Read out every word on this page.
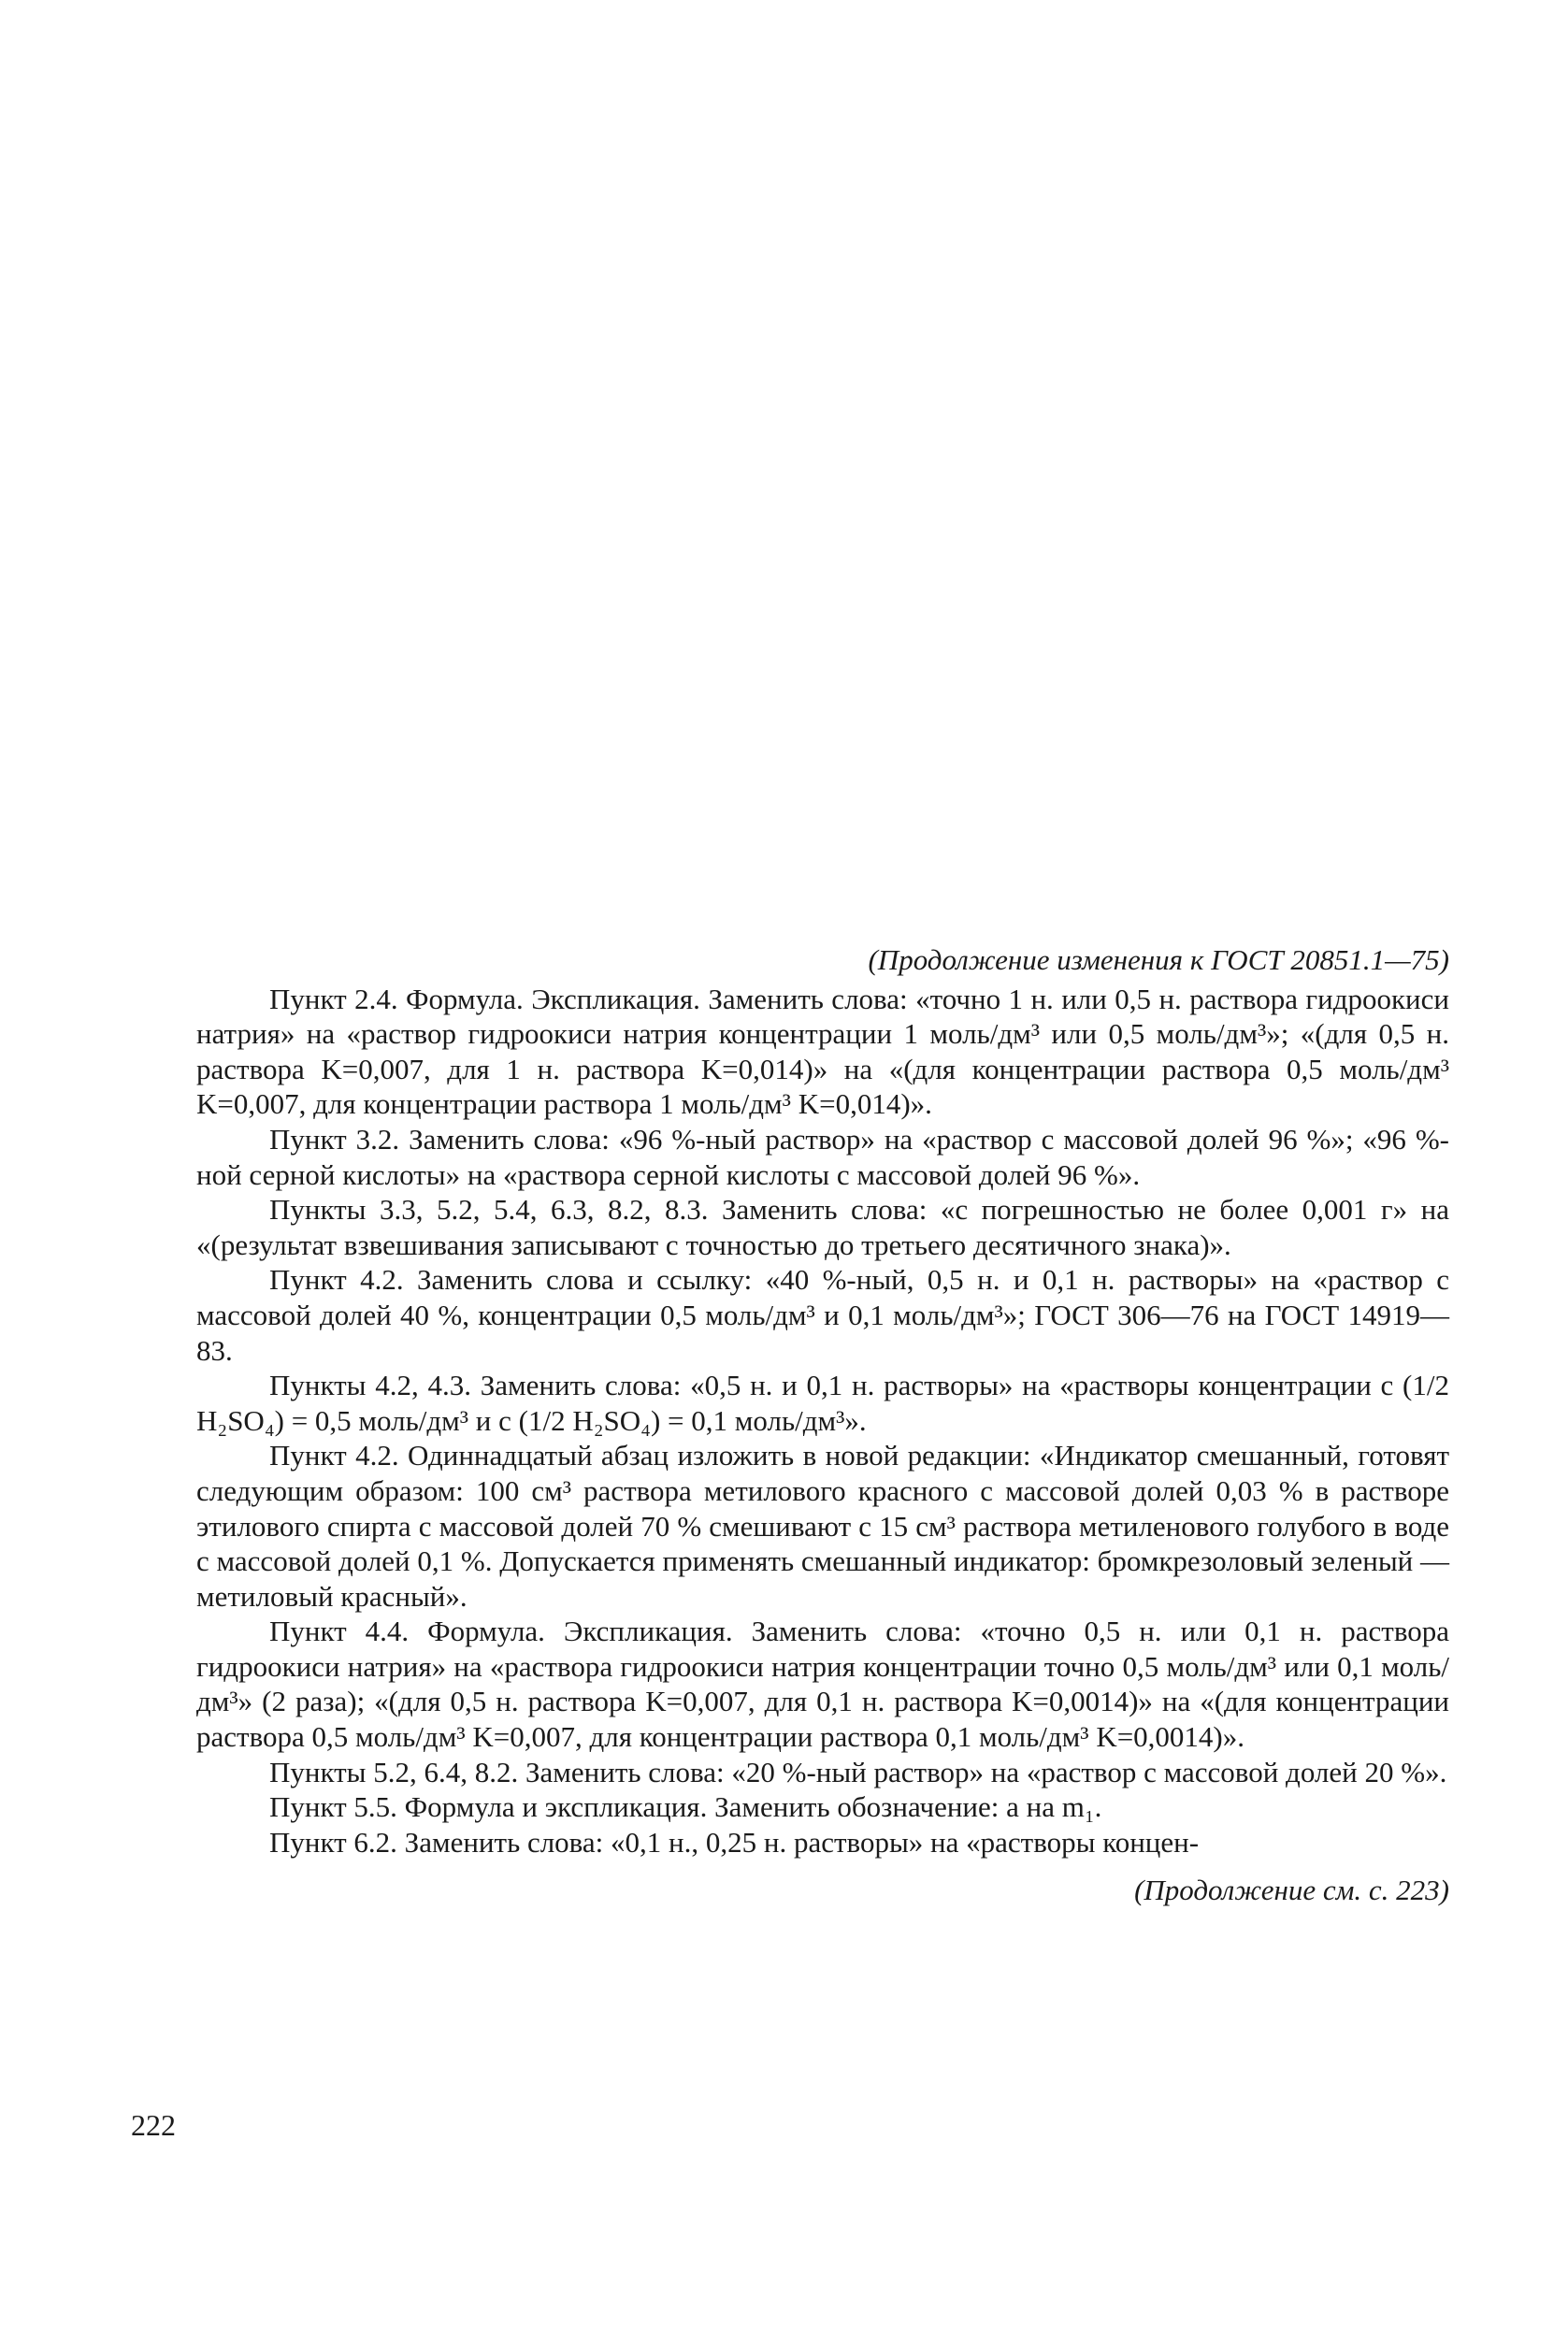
(Продолжение изменения к ГОСТ 20851.1—75)

Пункт 2.4. Формула. Экспликация. Заменить слова: «точно 1 н. или 0,5 н. раствора гидроокиси натрия» на «раствор гидроокиси натрия концентрации 1 моль/дм³ или 0,5 моль/дм³»; «(для 0,5 н. раствора K=0,007, для 1 н. раствора K=0,014)» на «(для концентрации раствора 0,5 моль/дм³ K=0,007, для концентрации раствора 1 моль/дм³ K=0,014)».

Пункт 3.2. Заменить слова: «96 %-ный раствор» на «раствор с массовой долей 96 %»; «96 %-ной серной кислоты» на «раствора серной кислоты с массовой долей 96 %».

Пункты 3.3, 5.2, 5.4, 6.3, 8.2, 8.3. Заменить слова: «с погрешностью не более 0,001 г» на «(результат взвешивания записывают с точностью до третьего десятичного знака)».

Пункт 4.2. Заменить слова и ссылку: «40 %-ный, 0,5 н. и 0,1 н. растворы» на «раствор с массовой долей 40 %, концентрации 0,5 моль/дм³ и 0,1 моль/дм³»; ГОСТ 306—76 на ГОСТ 14919—83.

Пункты 4.2, 4.3. Заменить слова: «0,5 н. и 0,1 н. растворы» на «растворы концентрации c (1/2 H₂SO₄) = 0,5 моль/дм³ и c (1/2 H₂SO₄) = 0,1 моль/дм³».

Пункт 4.2. Одиннадцатый абзац изложить в новой редакции: «Индикатор смешанный, готовят следующим образом: 100 см³ раствора метилового красного с массовой долей 0,03 % в растворе этилового спирта с массовой долей 70 % смешивают с 15 см³ раствора метиленового голубого в воде с массовой долей 0,1 %. Допускается применять смешанный индикатор: бромкрезоловый зеленый — метиловый красный».

Пункт 4.4. Формула. Экспликация. Заменить слова: «точно 0,5 н. или 0,1 н. раствора гидроокиси натрия» на «раствора гидроокиси натрия концентрации точно 0,5 моль/дм³ или 0,1 моль/дм³» (2 раза); «(для 0,5 н. раствора K=0,007, для 0,1 н. раствора K=0,0014)» на «(для концентрации раствора 0,5 моль/дм³ K=0,007, для концентрации раствора 0,1 моль/дм³ K=0,0014)».

Пункты 5.2, 6.4, 8.2. Заменить слова: «20 %-ный раствор» на «раствор с массовой долей 20 %».

Пункт 5.5. Формула и экспликация. Заменить обозначение: a на m₁.

Пункт 6.2. Заменить слова: «0,1 н., 0,25 н. растворы» на «растворы концен-

(Продолжение см. с. 223)
222
